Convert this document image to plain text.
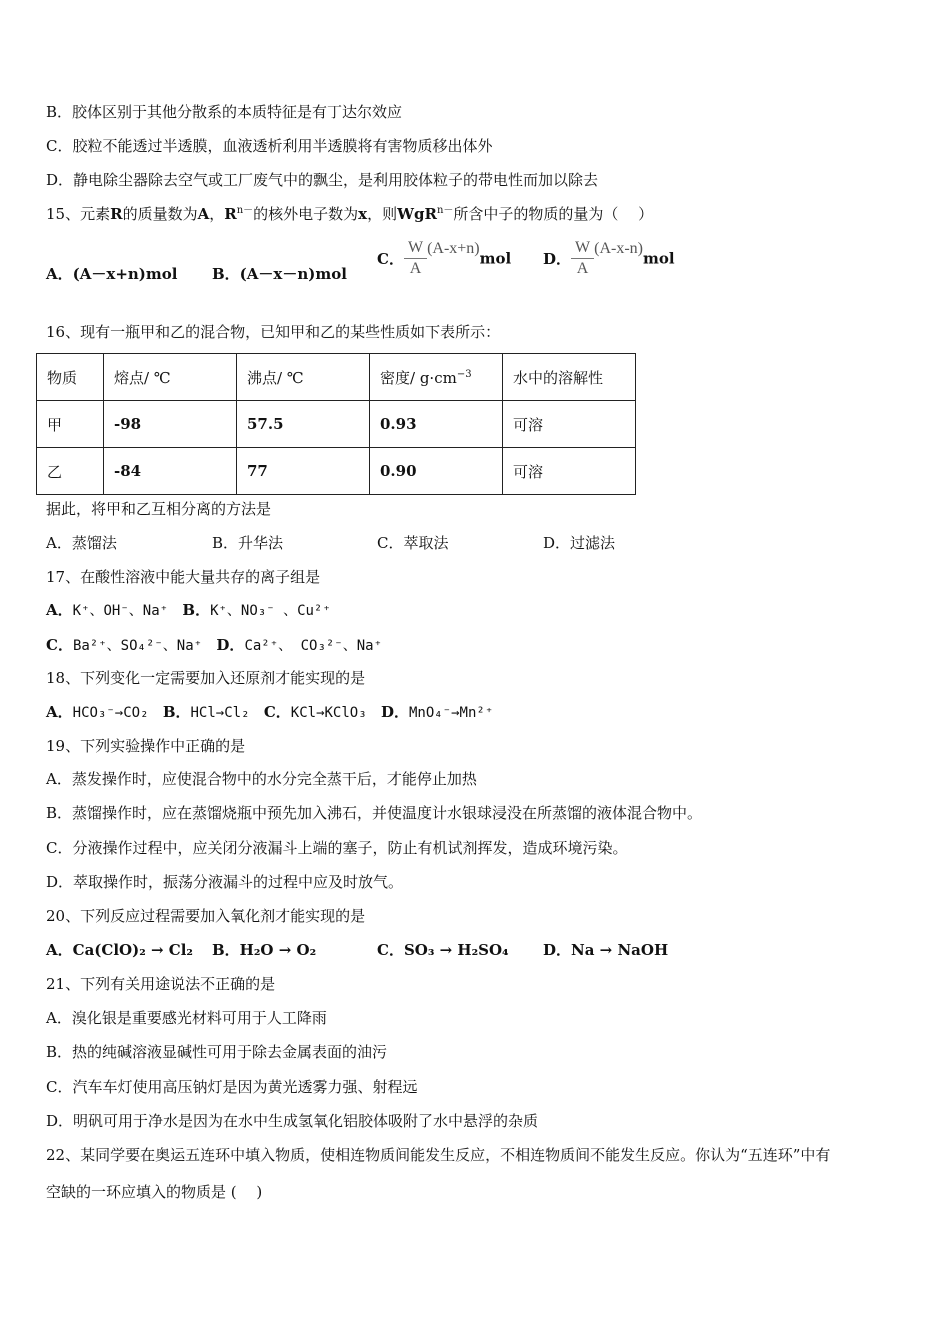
B．胶体区别于其他分散系的本质特征是有丁达尔效应
C．胶粒不能透过半透膜，血液透析利用半透膜将有害物质移出体外
D．静电除尘器除去空气或工厂废气中的飘尘，是利用胶体粒子的带电性而加以除去
15、元素R的质量数为A，$R^{n-}$的核外电子数为x，则WgR$^{n-}$所含中子的物质的量为（　 ）
A．(A－x+n)mol B．(A－x－n)mol
C． $\frac{W}{A} (A-x+n)mol$ D． $\frac{W}{A} (A-x-n)mol$
16、现有一瓶甲和乙的混合物，已知甲和乙的某些性质如下表所示：
物质	熔点/ ℃	沸点/ ℃	密度/ $g\cdot cm^{-3}$	水中的溶解性
甲	-98	57.5	0.93	可溶
乙	-84	77	0.90	可溶
据此，将甲和乙互相分离的方法是
A．蒸馏法	B．升华法	C．萃取法	D．过滤法
17、在酸性溶液中能大量共存的离子组是
A．K⁺、OH⁻、Na⁺ B．K⁺、NO₃⁻ 、Cu²⁺
C．Ba²⁺、SO₄²⁻、Na⁺ D．Ca²⁺、 CO₃²⁻、Na⁺
18、下列变化一定需要加入还原剂才能实现的是
A．HCO₃⁻→CO₂ B．HCl→Cl₂ C．KCl→KClO₃ D．MnO₄⁻→Mn²⁺
19、下列实验操作中正确的是
A．蒸发操作时，应使混合物中的水分完全蒸干后，才能停止加热
B．蒸馏操作时，应在蒸馏烧瓶中预先加入沸石，并使温度计水银球浸没在所蒸馏的液体混合物中。
C．分液操作过程中，应关闭分液漏斗上端的塞子，防止有机试剂挥发，造成环境污染。
D．萃取操作时，振荡分液漏斗的过程中应及时放气。
20、下列反应过程需要加入氧化剂才能实现的是
A．Ca(ClO)₂ → Cl₂ B．H₂O → O₂	C．SO₃ → H₂SO₄ D．Na → NaOH
21、下列有关用途说法不正确的是
A．溴化银是重要感光材料可用于人工降雨
B．热的纯碱溶液显碱性可用于除去金属表面的油污
C．汽车车灯使用高压钠灯是因为黄光透雾力强、射程远
D．明矾可用于净水是因为在水中生成氢氧化铝胶体吸附了水中悬浮的杂质
22、某同学要在奥运五连环中填入物质，使相连物质间能发生反应，不相连物质间不能发生反应。你认为“五连环”中有
空缺的一环应填入的物质是 (　 )
